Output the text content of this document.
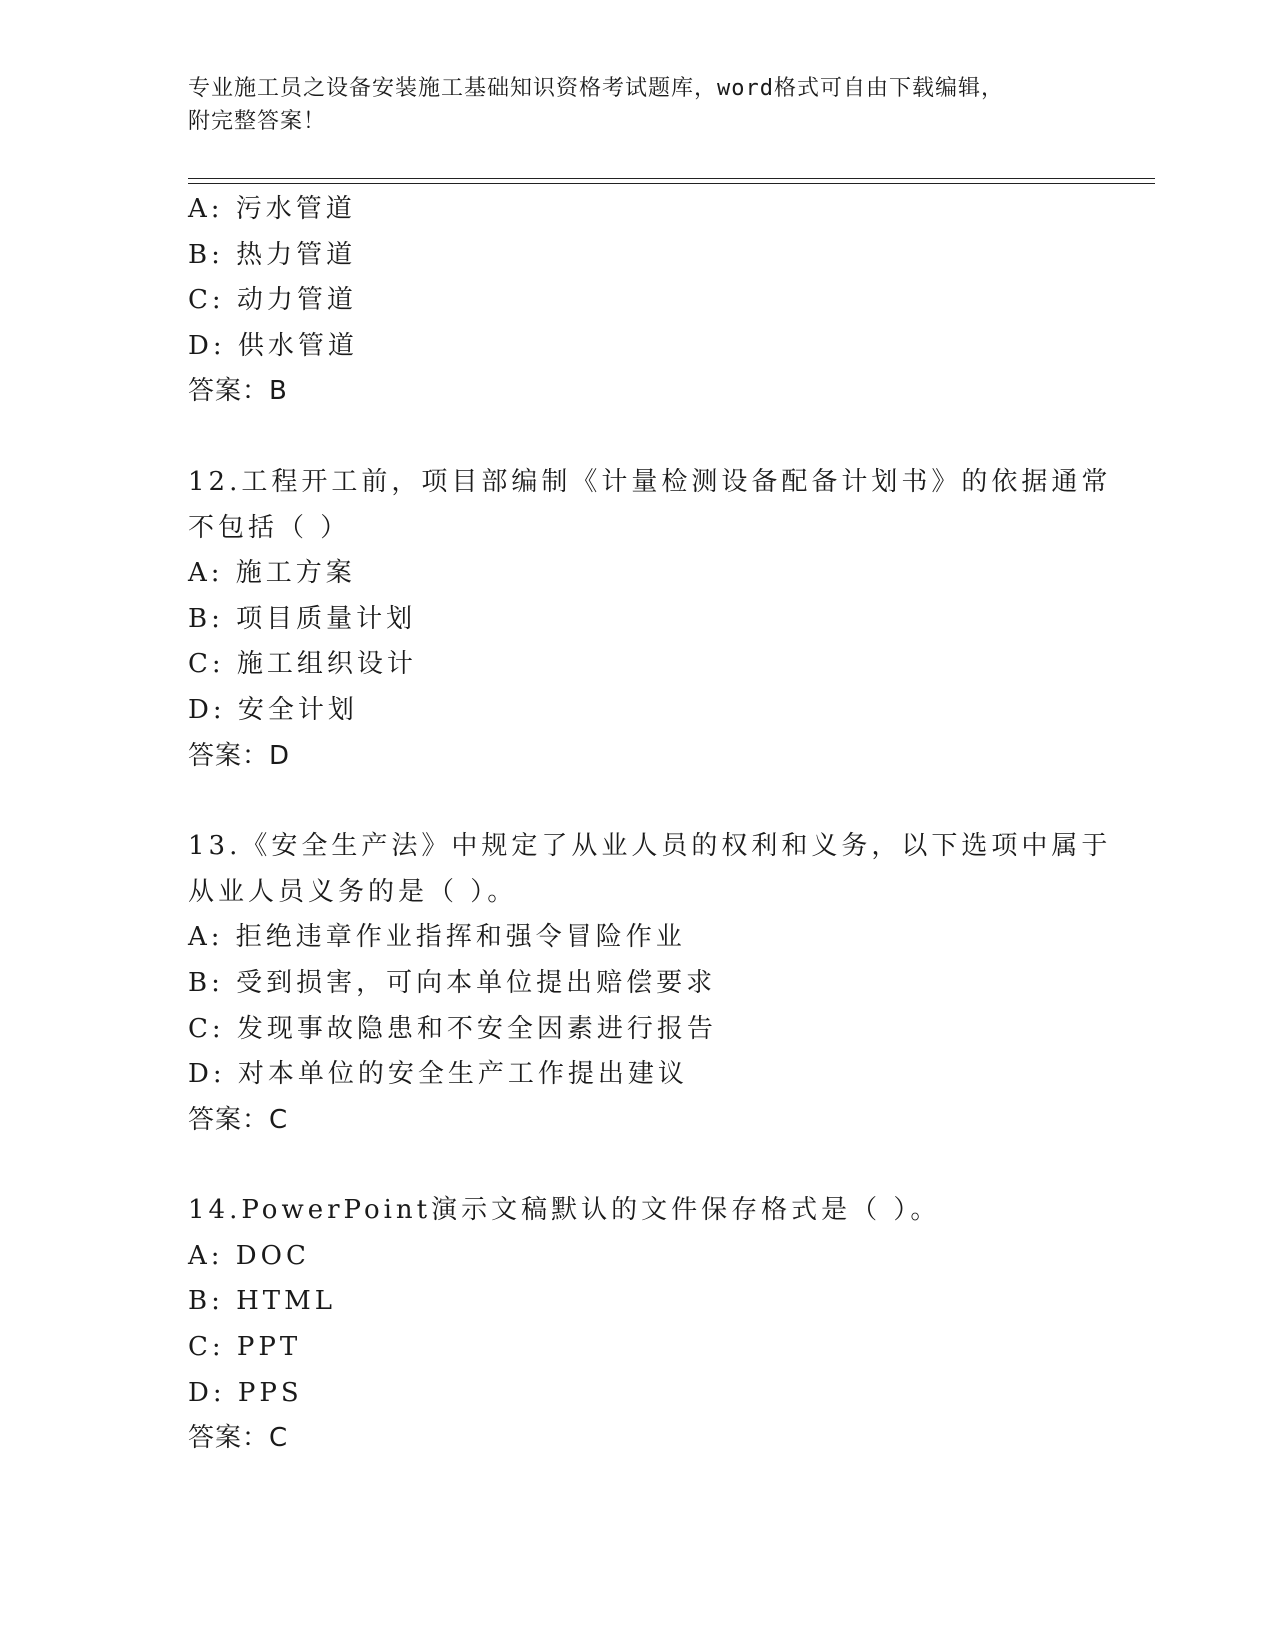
专业施工员之设备安装施工基础知识资格考试题库，word格式可自由下载编辑，
附完整答案！
A: 污水管道
B: 热力管道
C: 动力管道
D: 供水管道
答案：B
12.工程开工前，项目部编制《计量检测设备配备计划书》的依据通常
不包括（ ）
A: 施工方案
B: 项目质量计划
C: 施工组织设计
D: 安全计划
答案：D
13.《安全生产法》中规定了从业人员的权利和义务，以下选项中属于
从业人员义务的是（ ）。
A: 拒绝违章作业指挥和强令冒险作业
B: 受到损害，可向本单位提出赔偿要求
C: 发现事故隐患和不安全因素进行报告
D: 对本单位的安全生产工作提出建议
答案：C
14.PowerPoint演示文稿默认的文件保存格式是（ ）。
A: DOC
B: HTML
C: PPT
D: PPS
答案：C
